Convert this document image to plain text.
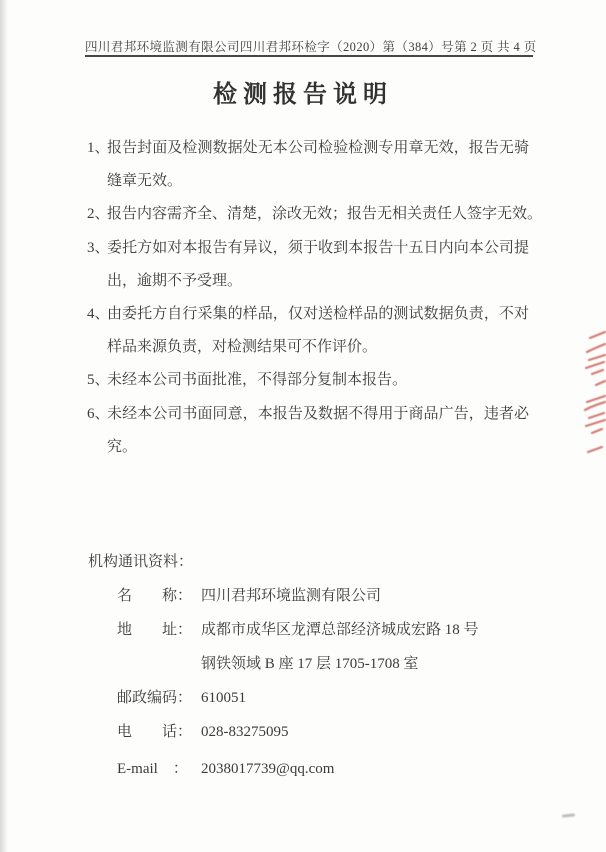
四川君邦环境监测有限公司 四川君邦环检字（2020）第（384）号 第 2 页 共 4 页
检测报告说明
1、
报告封面及检测数据处无本公司检验检测专用章无效，报告无骑缝章无效。
2、
报告内容需齐全、清楚，涂改无效；报告无相关责任人签字无效。
3、
委托方如对本报告有异议，须于收到本报告十五日内向本公司提出，逾期不予受理。
4、
由委托方自行采集的样品，仅对送检样品的测试数据负责，不对样品来源负责，对检测结果可不作评价。
5、
未经本公司书面批准，不得部分复制本报告。
6、
未经本公司书面同意，本报告及数据不得用于商品广告，违者必究。
机构通讯资料：
名　　称： 四川君邦环境监测有限公司
地　　址： 成都市成华区龙潭总部经济城成宏路 18 号
钢铁领域 B 座 17 层 1705-1708 室
邮政编码： 610051
电　　话： 028-83275095
E-mail　： 2038017739@qq.com
